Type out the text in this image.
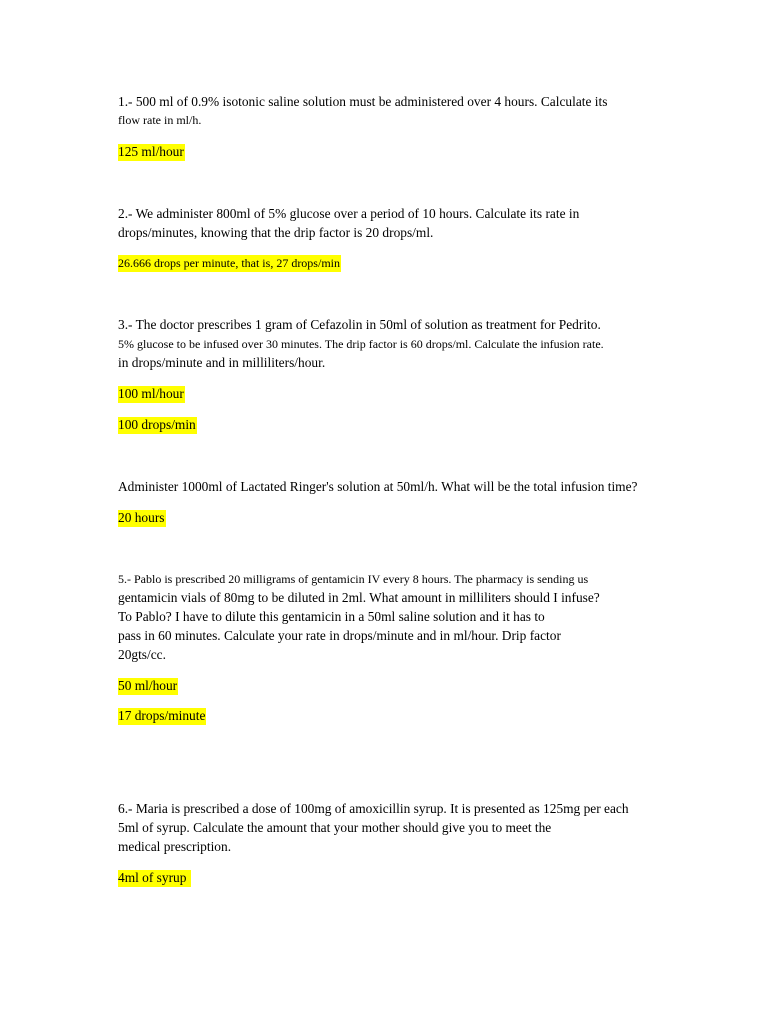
1.- 500 ml of 0.9% isotonic saline solution must be administered over 4 hours. Calculate its
flow rate in ml/h.
125 ml/hour
2.- We administer 800ml of 5% glucose over a period of 10 hours. Calculate its rate in
drops/minutes, knowing that the drip factor is 20 drops/ml.
26.666 drops per minute, that is, 27 drops/min
3.- The doctor prescribes 1 gram of Cefazolin in 50ml of solution as treatment for Pedrito.
5% glucose to be infused over 30 minutes. The drip factor is 60 drops/ml. Calculate the infusion rate.
in drops/minute and in milliliters/hour.
100 ml/hour
100 drops/min
Administer 1000ml of Lactated Ringer's solution at 50ml/h. What will be the total infusion time?
20 hours
5.- Pablo is prescribed 20 milligrams of gentamicin IV every 8 hours. The pharmacy is sending us
gentamicin vials of 80mg to be diluted in 2ml. What amount in milliliters should I infuse?
To Pablo? I have to dilute this gentamicin in a 50ml saline solution and it has to
pass in 60 minutes. Calculate your rate in drops/minute and in ml/hour. Drip factor
20gts/cc.
50 ml/hour
17 drops/minute
6.- Maria is prescribed a dose of 100mg of amoxicillin syrup. It is presented as 125mg per each
5ml of syrup. Calculate the amount that your mother should give you to meet the
medical prescription.
4ml of syrup
